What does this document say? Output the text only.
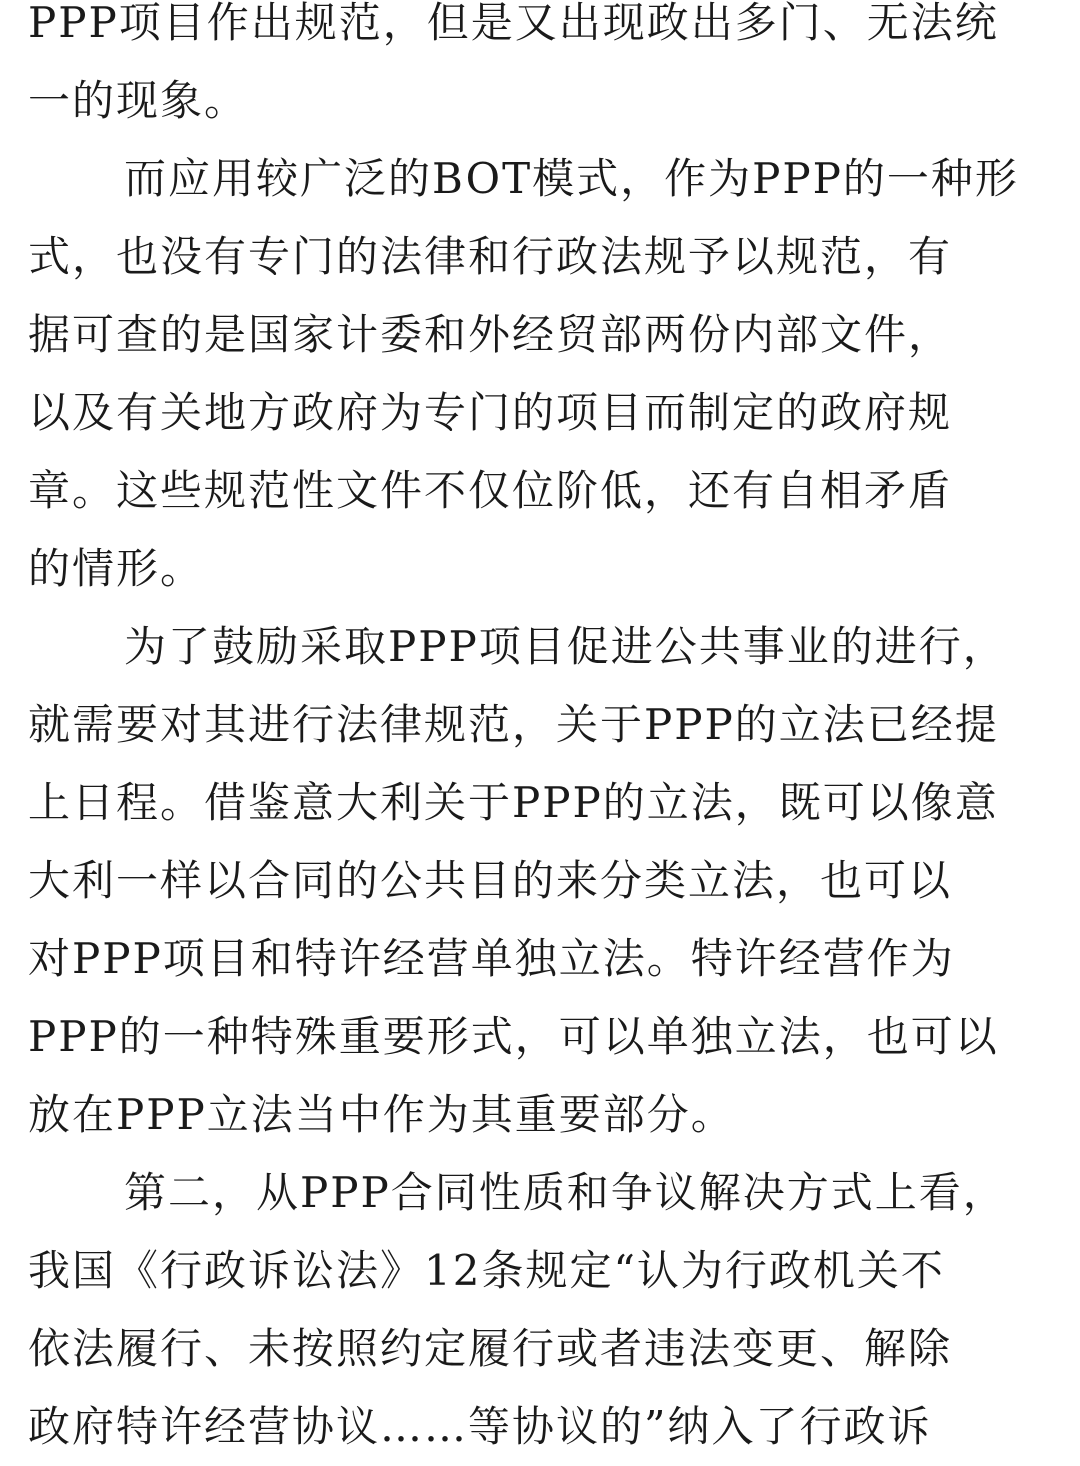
PPP项目作出规范，但是又出现政出多门、无法统
一的现象。
而应用较广泛的BOT模式，作为PPP的一种形
式，也没有专门的法律和行政法规予以规范，有
据可查的是国家计委和外经贸部两份内部文件，
以及有关地方政府为专门的项目而制定的政府规
章。这些规范性文件不仅位阶低，还有自相矛盾
的情形。
为了鼓励采取PPP项目促进公共事业的进行，
就需要对其进行法律规范，关于PPP的立法已经提
上日程。借鉴意大利关于PPP的立法，既可以像意
大利一样以合同的公共目的来分类立法，也可以
对PPP项目和特许经营单独立法。特许经营作为
PPP的一种特殊重要形式，可以单独立法，也可以
放在PPP立法当中作为其重要部分。
第二，从PPP合同性质和争议解决方式上看，
我国《行政诉讼法》12条规定“认为行政机关不
依法履行、未按照约定履行或者违法变更、解除
政府特许经营协议……等协议的”纳入了行政诉
